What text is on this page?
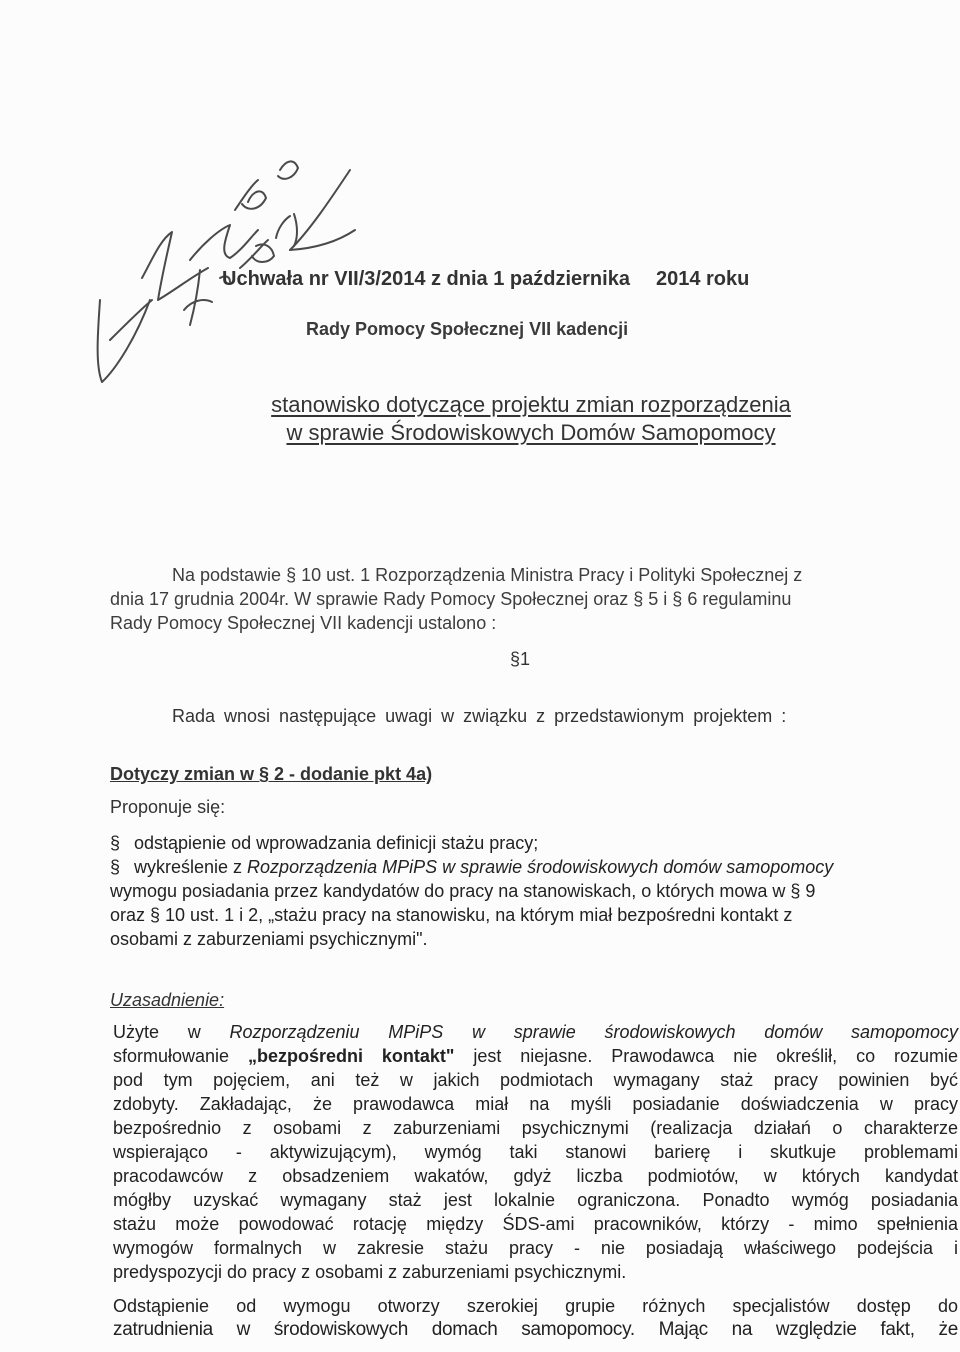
Uchwała nr VII/3/2014 z dnia 1 października 2014 roku
Rady Pomocy Społecznej VII kadencji
stanowisko dotyczące projektu zmian rozporządzenia
w sprawie Środowiskowych Domów Samopomocy
Na podstawie § 10 ust. 1 Rozporządzenia Ministra Pracy i Polityki Społecznej z
dnia 17 grudnia 2004r. W sprawie Rady Pomocy Społecznej oraz § 5 i § 6 regulaminu
Rady Pomocy Społecznej VII kadencji ustalono :
§1
Rada wnosi następujące uwagi w związku z przedstawionym projektem :
Dotyczy zmian w § 2 - dodanie pkt 4a)
Proponuje się:
§ odstąpienie od wprowadzania definicji stażu pracy;
§ wykreślenie z Rozporządzenia MPiPS w sprawie środowiskowych domów samopomocy
wymogu posiadania przez kandydatów do pracy na stanowiskach, o których mowa w § 9
oraz § 10 ust. 1 i 2, „stażu pracy na stanowisku, na którym miał bezpośredni kontakt z
osobami z zaburzeniami psychicznymi".
Uzasadnienie:
Użyte w Rozporządzeniu MPiPS w sprawie środowiskowych domów samopomocy
sformułowanie „bezpośredni kontakt" jest niejasne. Prawodawca nie określił, co rozumie
pod tym pojęciem, ani też w jakich podmiotach wymagany staż pracy powinien być
zdobyty. Zakładając, że prawodawca miał na myśli posiadanie doświadczenia w pracy
bezpośrednio z osobami z zaburzeniami psychicznymi (realizacja działań o charakterze
wspierająco - aktywizującym), wymóg taki stanowi barierę i skutkuje problemami
pracodawców z obsadzeniem wakatów, gdyż liczba podmiotów, w których kandydat
mógłby uzyskać wymagany staż jest lokalnie ograniczona. Ponadto wymóg posiadania
stażu może powodować rotację między ŚDS-ami pracowników, którzy - mimo spełnienia
wymogów formalnych w zakresie stażu pracy - nie posiadają właściwego podejścia i
predyspozycji do pracy z osobami z zaburzeniami psychicznymi.
Odstąpienie od wymogu otworzy szerokiej grupie różnych specjalistów dostęp do
zatrudnienia w środowiskowych domach samopomocy. Mając na względzie fakt, że
